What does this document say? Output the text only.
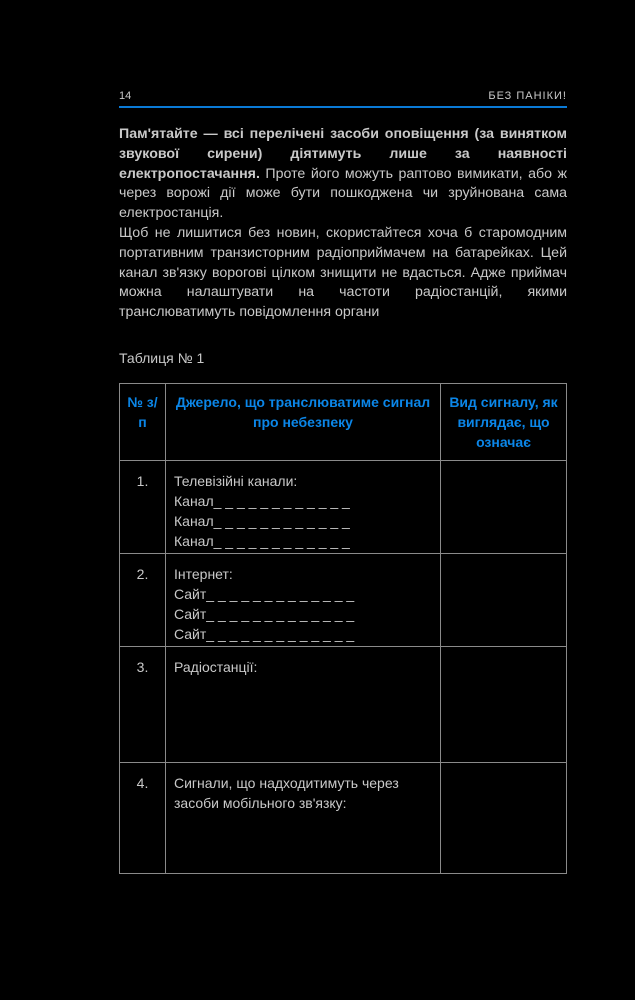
14	БЕЗ ПАНІКИ!

Пам'ятайте — всі перелічені засоби оповіщення (за винятком звукової сирени) діятимуть лише за наявності електропостачання. Проте його можуть раптово вимикати, або ж через ворожі дії може бути пошкоджена чи зруйнована сама електростанція.

Щоб не лишитися без новин, скористайтеся хоча б старомодним портативним транзисторним радіоприймачем на батарейках. Цей канал зв'язку ворогові цілком знищити не вдасться. Адже приймач можна налаштувати на частоти радіостанцій, якими транслюватимуть повідомлення органи

Таблиця № 1
№ з/п	Джерело, що транслюватиме сигнал про небезпеку	Вид сигналу, як виглядає, що означає
1.	Телевізійні канали:
Канал_ _ _ _ _ _ _ _ _ _ _ _
Канал_ _ _ _ _ _ _ _ _ _ _ _
Канал_ _ _ _ _ _ _ _ _ _ _ _	

2.	Інтернет:
Сайт_ _ _ _ _ _ _ _ _ _ _ _ _
Сайт_ _ _ _ _ _ _ _ _ _ _ _ _
Сайт_ _ _ _ _ _ _ _ _ _ _ _ _	

3.	Радіостанції:	

4.	Сигнали, що надходитимуть через
засоби мобільного зв'язку:	
